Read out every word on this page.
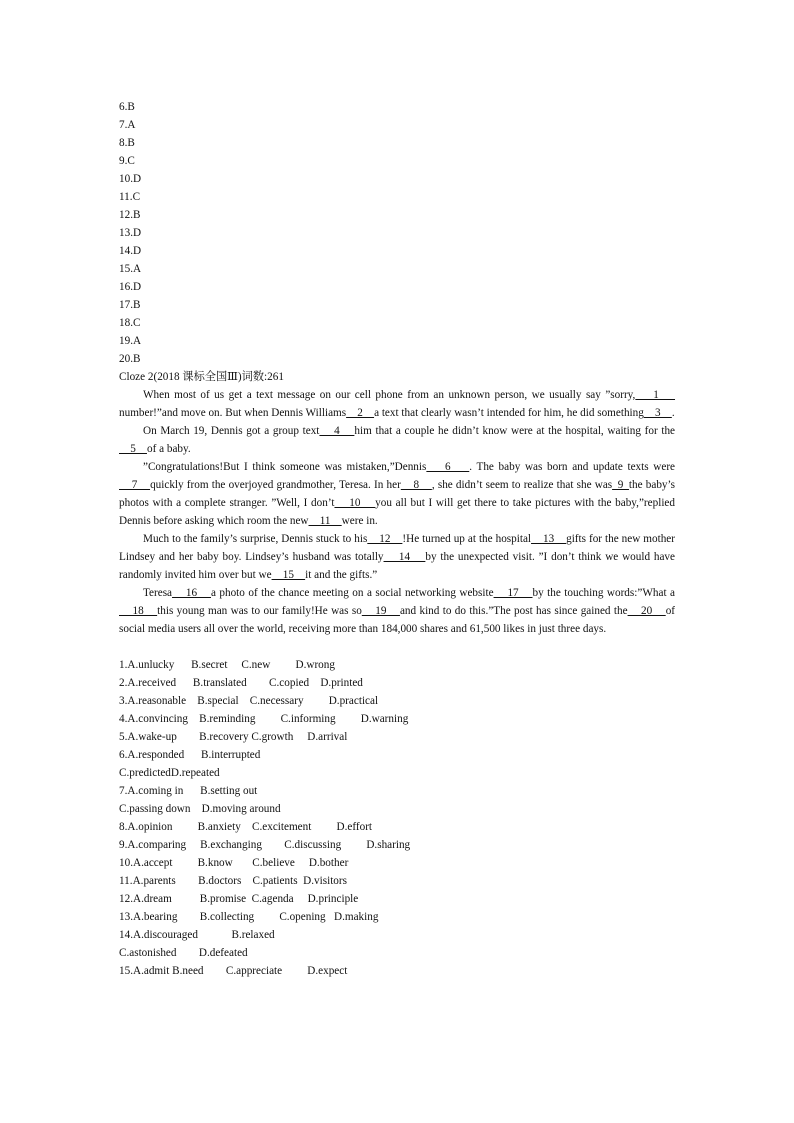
6.B
7.A
8.B
9.C
10.D
11.C
12.B
13.D
14.D
15.A
16.D
17.B
18.C
19.A
20.B
Cloze 2(2018 课标全国Ⅲ)词数:261

When most of us get a text message on our cell phone from an unknown person, we usually say ”sorry,    1     number!”and move on. But when Dennis Williams    2    a text that clearly wasn’t intended for him, he did something    3    .

On March 19, Dennis got a group text    4    him that a couple he didn’t know were at the hospital, waiting for the    5    of a baby.

”Congratulations!But I think someone was mistaken,”Dennis    6    . The baby was born and update texts were    7    quickly from the overjoyed grandmother, Teresa. In her    8    , she didn’t seem to realize that she was_9_the baby’s photos with a complete stranger. ”Well, I don’t    10    you all but I will get there to take pictures with the baby,”replied Dennis before asking which room the new    11    were in.

Much to the family’s surprise, Dennis stuck to his    12    !He turned up at the hospital    13    gifts for the new mother Lindsey and her baby boy. Lindsey’s husband was totally    14    by the unexpected visit. ”I don’t think we would have randomly invited him over but we    15    it and the gifts.”

Teresa    16    a photo of the chance meeting on a social networking website    17    by the touching words:”What a    18    this young man was to our family!He was so    19    and kind to do this.”The post has since gained the    20    of social media users all over the world, receiving more than 184,000 shares and 61,500 likes in just three days.

1.A.unlucky      B.secret     C.new         D.wrong
2.A.received      B.translated        C.copied    D.printed
3.A.reasonable    B.special    C.necessary         D.practical
4.A.convincing    B.reminding         C.informing         D.warning
5.A.wake-up        B.recovery C.growth     D.arrival
6.A.responded      B.interrupted
C.predictedD.repeated
7.A.coming in      B.setting out
C.passing down    D.moving around
8.A.opinion         B.anxiety    C.excitement         D.effort
9.A.comparing     B.exchanging        C.discussing         D.sharing
10.A.accept         B.know       C.believe     D.bother
11.A.parents        B.doctors    C.patients  D.visitors
12.A.dream          B.promise  C.agenda     D.principle
13.A.bearing        B.collecting         C.opening   D.making
14.A.discouraged            B.relaxed
C.astonished        D.defeated
15.A.admit B.need        C.appreciate         D.expect
